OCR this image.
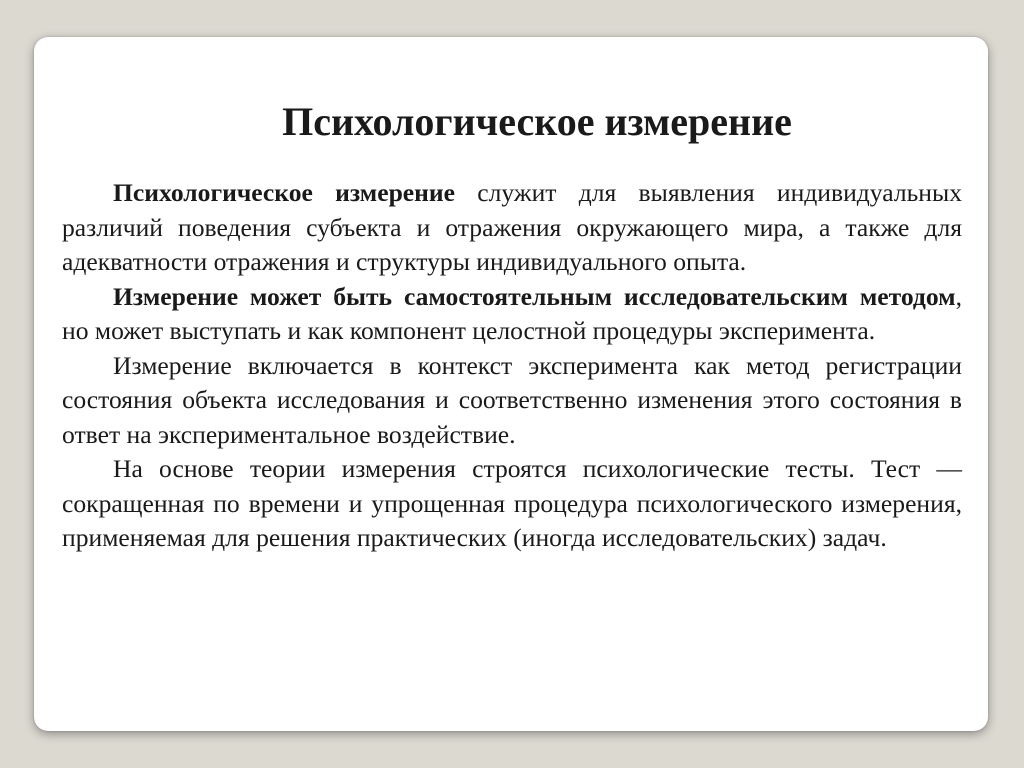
Психологическое измерение

Психологическое измерение служит для выявления индивидуальных различий поведения субъекта и отражения окружающего мира, а также для адекватности отражения и структуры индивидуального опыта.

Измерение может быть самостоятельным исследовательским методом, но может выступать и как компонент целостной процедуры эксперимента.

Измерение включается в контекст эксперимента как метод регистрации состояния объекта исследования и соответственно изменения этого состояния в ответ на экспериментальное воздействие.

На основе теории измерения строятся психологические тесты. Тест — сокращенная по времени и упрощенная процедура психологического измерения, применяемая для решения практических (иногда исследовательских) задач.
